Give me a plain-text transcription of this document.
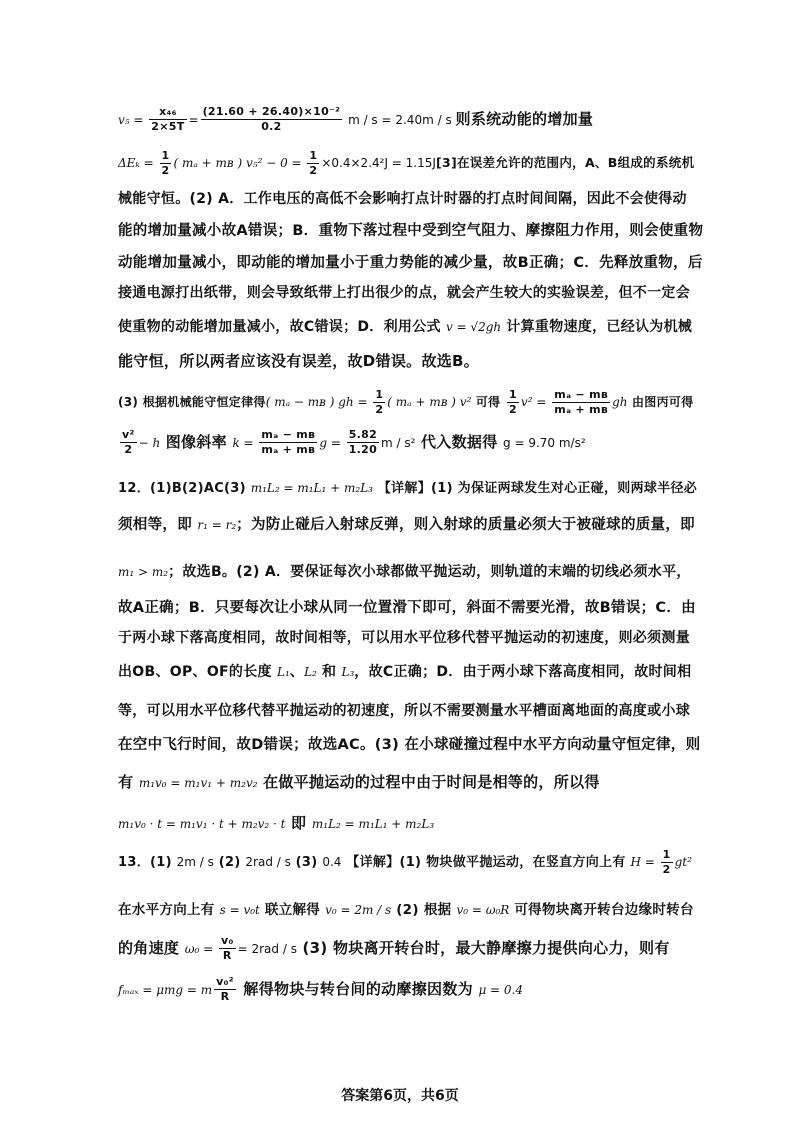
$v_5 = \frac{\text{x₄₆}}{2\times 5T} = \frac{\text{(21.60 + 26.40)×10⁻²}}{0.2}$ m / s = 2.40m / s 则系统动能的增加量
$\Delta E_k = \frac{1}{2}$ ( mₐ + mʙ ) $v_5^2 - 0 = \frac{1}{2} \times 0.4\times 2.4^2J = 1.15J[3]$在误差允许的范围内，A、B组成的系统机
械能守恒。(2) A．工作电压的高低不会影响打点计时器的打点时间间隔，因此不会使得动
能的增加量减小故A错误；B．重物下落过程中受到空气阻力、摩擦阻力作用，则会使重物
动能增加量减小，即动能的增加量小于重力势能的减少量，故B正确；C．先释放重物，后
接通电源打出纸带，则会导致纸带上打出很少的点，就会产生较大的实验误差，但不一定会
使重物的动能增加量减小，故C错误；D．利用公式 v = √2gh 计算重物速度，已经认为机械
能守恒，所以两者应该没有误差，故D错误。故选B。
(3) 根据机械能守恒定律得( mₐ − mʙ ) gh = $\frac{1}{2}$ ( mₐ + mʙ ) v² 可得 $\frac{1}{2} v^2 = \frac{\text{mₐ − mʙ}}{\text{mₐ + mʙ}}$ gh 由图丙可得
$\frac{\text{v²}}{2} - h$ 图像斜率 $k = \frac{\text{mₐ − mʙ}}{\text{mₐ + mʙ}}$ $g = \frac{5.82}{1.20}$ m / s² 代入数据得 g = 9.70 m/s²
12．(1)B(2)AC(3) m₁L₂ = m₁L₁ + m₂L₃ 【详解】(1) 为保证两球发生对心正碰，则两球半径必
须相等，即 r₁ = r₂；为防止碰后入射球反弹，则入射球的质量必须大于被碰球的质量，即
m₁ > m₂；故选B。(2) A．要保证每次小球都做平抛运动，则轨道的末端的切线必须水平，
故A正确；B．只要每次让小球从同一位置滑下即可，斜面不需要光滑，故B错误；C．由
于两小球下落高度相同，故时间相等，可以用水平位移代替平抛运动的初速度，则必须测量
出OB、OP、OF的长度 L₁、L₂ 和 L₃，故C正确；D．由于两小球下落高度相同，故时间相
等，可以用水平位移代替平抛运动的初速度，所以不需要测量水平槽面离地面的高度或小球
在空中飞行时间，故D错误；故选AC。(3) 在小球碰撞过程中水平方向动量守恒定律，则
有 m₁v₀ = m₁v₁ + m₂v₂ 在做平抛运动的过程中由于时间是相等的，所以得
m₁v₀ · t = m₁v₁ · t + m₂v₂ · t 即 m₁L₂ = m₁L₁ + m₂L₃
13．(1) 2m / s (2) 2rad / s (3) 0.4 【详解】(1) 物块做平抛运动，在竖直方向上有 $H = \frac{1}{2} gt^2$
在水平方向上有 s = v₀t 联立解得 v₀ = 2m / s (2) 根据 v₀ = ω₀R 可得物块离开转台边缘时转台
的角速度 $\omega_0 = \frac{\text{v₀}}{R} = 2rad / s$ (3) 物块离开转台时，最大静摩擦力提供向心力，则有
fₘₐₓ = μmg = m $\frac{\text{v₀²}}{R}$ 解得物块与转台间的动摩擦因数为 μ = 0.4
答案第6页，共6页
